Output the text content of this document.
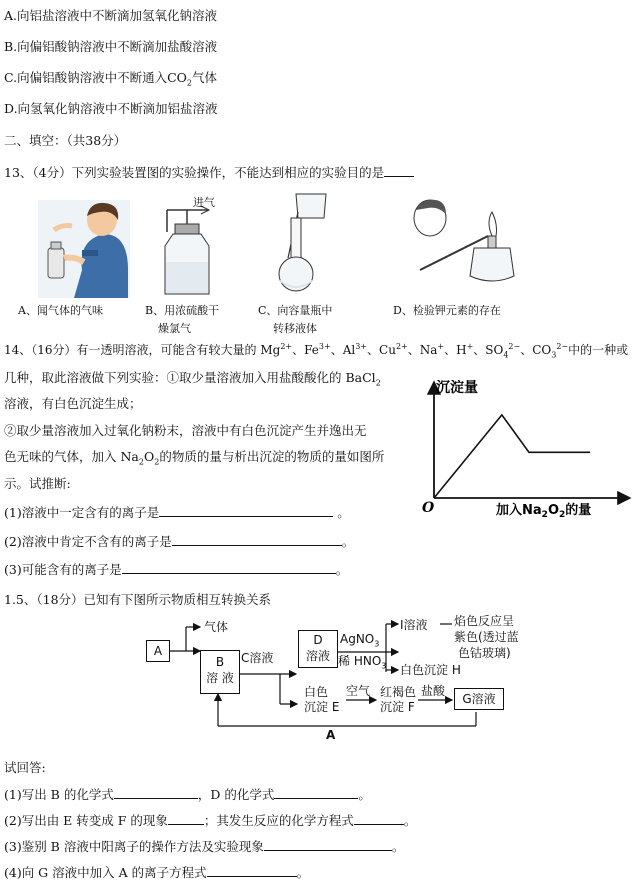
A.向铝盐溶液中不断滴加氢氧化钠溶液
B.向偏铝酸钠溶液中不断滴加盐酸溶液
C.向偏铝酸钠溶液中不断通入$CO_2$气体
D.向氢氧化钠溶液中不断滴加铝盐溶液
二、填空：（共38分）
13、（4分）下列实验装置图的实验操作，不能达到相应的实验目的是
进气
A、闻气体的气味	B、用浓硫酸干
燥氯气
C、向容量瓶中
转移液体
D、检验钾元素的存在
14、（16分）有一透明溶液，可能含有较大量的 $Mg^{2+}$、$Fe^{3+}$、$Al^{3+}$、$Cu^{2+}$、Na+、H+、$SO_4^{2-}$、$CO_3^{2-}$中的一种或
几种，取此溶液做下列实验：①取少量溶液加入用盐酸酸化的 BaCl$_2$
溶液，有白色沉淀生成；
②取少量溶液加入过氧化钠粉末，溶液中有白色沉淀产生并逸出无
色无味的气体，加入 $Na_2O_2$的物质的量与析出沉淀的物质的量如图所
示。试推断:
(1)溶液中一定含有的离子是	。
(2)溶液中肯定不含有的离子是	。
(3)可能含有的离子是	。
沉淀量
O	加入$Na_2O_2$的量
1.5、（18分）已知有下图所示物质相互转换关系
A
气体
B
溶 液
C溶液
D
溶液
AgNO$_3$
稀 $HNO_3$
I溶液 焰色反应呈
紫色(透过蓝
色钴玻璃)
白色沉淀 H
白色
沉淀 E
空气 红褐色
沉淀 F
盐酸
G溶液
A
试回答:
(1)写出 B 的化学式	，D 的化学式	。
(2)写出由 E 转变成 F 的现象	；其发生反应的化学方程式	。
(3)鉴别 B 溶液中阳离子的操作方法及实验现象	。
(4)向 G 溶液中加入 A 的离子方程式	。
